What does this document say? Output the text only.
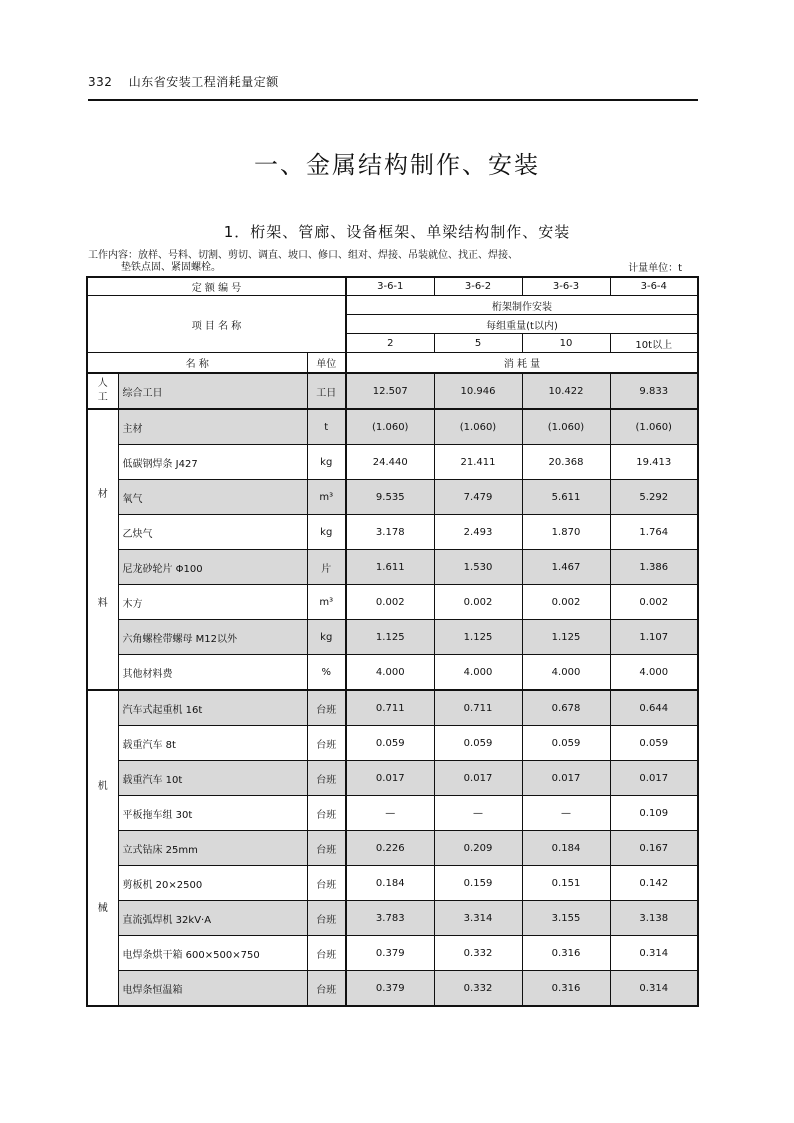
332 山东省安装工程消耗量定额
一、金属结构制作、安装
1．桁架、管廊、设备框架、单梁结构制作、安装
工作内容：放样、号料、切割、剪切、调直、坡口、修口、组对、焊接、吊装就位、找正、焊接、
垫铁点固、紧固螺栓。	计量单位：t
定 额 编 号			3-6-1	3-6-2	3-6-3	3-6-4
项 目 名 称			桁架制作安装			
			每组重量(t以内)			
			2	5	10	10t以上
名 称		单位	消 耗 量			
人工	综合工日	工日	12.507	10.946	10.422	9.833

材
料	主材	t	(1.060)	(1.060)	(1.060)	(1.060)
	低碳钢焊条 J427	kg	24.440	21.411	20.368	19.413
	氧气	m³	9.535	7.479	5.611	5.292
	乙炔气	kg	3.178	2.493	1.870	1.764
	尼龙砂轮片 Φ100	片	1.611	1.530	1.467	1.386
	木方	m³	0.002	0.002	0.002	0.002
	六角螺栓带螺母 M12以外	kg	1.125	1.125	1.125	1.107
	其他材料费	%	4.000	4.000	4.000	4.000

机
械	汽车式起重机 16t	台班	0.711	0.711	0.678	0.644
	载重汽车 8t	台班	0.059	0.059	0.059	0.059
	载重汽车 10t	台班	0.017	0.017	0.017	0.017
	平板拖车组 30t	台班	—	—	—	0.109
	立式钻床 25mm	台班	0.226	0.209	0.184	0.167
	剪板机 20×2500	台班	0.184	0.159	0.151	0.142
	直流弧焊机 32kV·A	台班	3.783	3.314	3.155	3.138
	电焊条烘干箱 600×500×750	台班	0.379	0.332	0.316	0.314
	电焊条恒温箱	台班	0.379	0.332	0.316	0.314
